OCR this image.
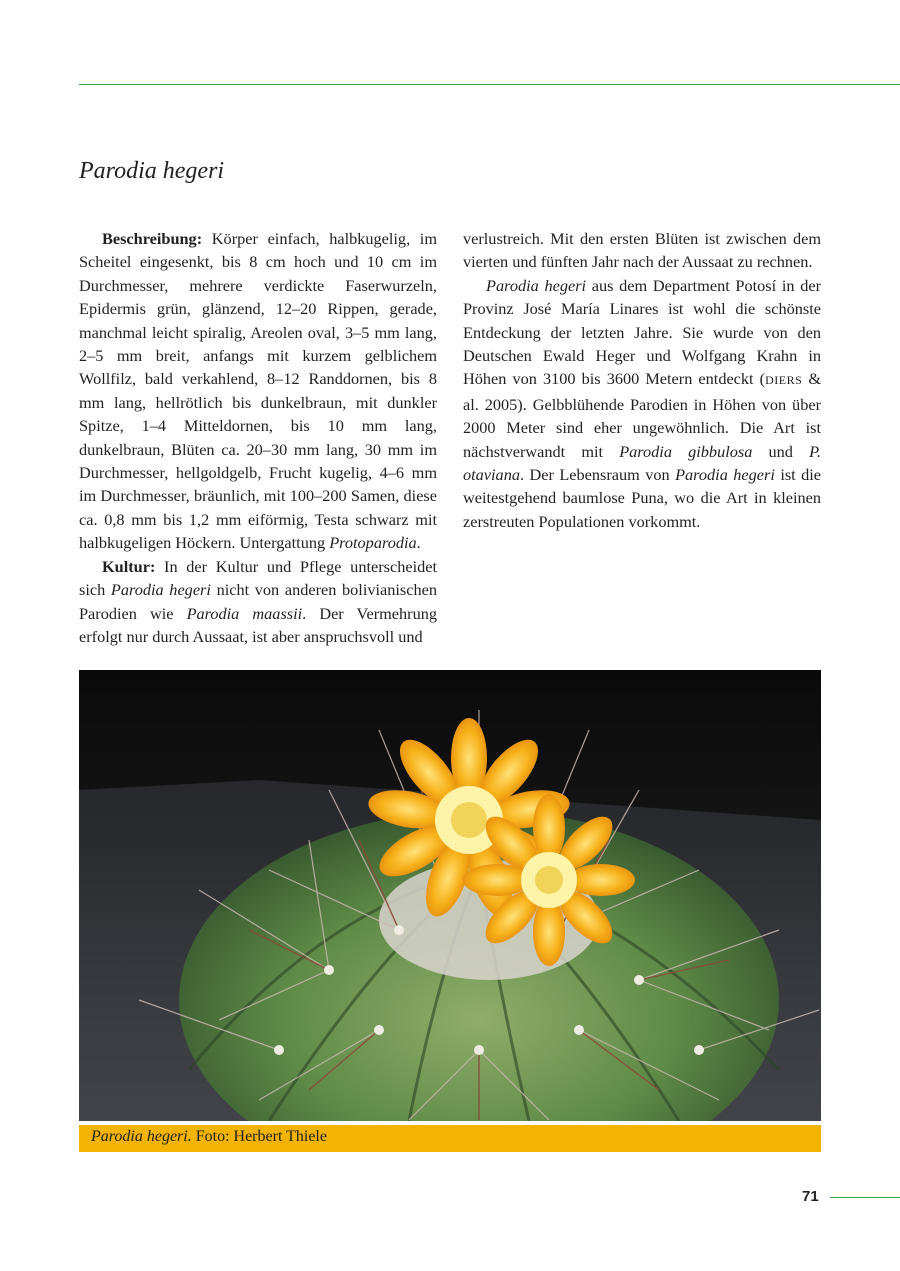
Parodia hegeri

Beschreibung: Körper einfach, halbkugelig, im Scheitel eingesenkt, bis 8 cm hoch und 10 cm im Durchmesser, mehrere verdickte Faserwurzeln, Epidermis grün, glänzend, 12–20 Rippen, gerade, manchmal leicht spiralig, Areolen oval, 3–5 mm lang, 2–5 mm breit, anfangs mit kurzem gelblichem Wollfilz, bald verkahlend, 8–12 Randdornen, bis 8 mm lang, hellrötlich bis dunkelbraun, mit dunkler Spitze, 1–4 Mitteldornen, bis 10 mm lang, dunkelbraun, Blüten ca. 20–30 mm lang, 30 mm im Durchmesser, hellgoldgelb, Frucht kugelig, 4–6 mm im Durchmesser, bräunlich, mit 100–200 Samen, diese ca. 0,8 mm bis 1,2 mm eiförmig, Testa schwarz mit halbkugeligen Höckern. Untergattung Protoparodia.

Kultur: In der Kultur und Pflege unterscheidet sich Parodia hegeri nicht von anderen bolivianischen Parodien wie Parodia maassii. Der Vermehrung erfolgt nur durch Aussaat, ist aber anspruchsvoll und

verlustreich. Mit den ersten Blüten ist zwischen dem vierten und fünften Jahr nach der Aussaat zu rechnen.

Parodia hegeri aus dem Department Potosí in der Provinz José María Linares ist wohl die schönste Entdeckung der letzten Jahre. Sie wurde von den Deutschen Ewald Heger und Wolfgang Krahn in Höhen von 3100 bis 3600 Metern entdeckt (DIERS & al. 2005). Gelbblühende Parodien in Höhen von über 2000 Meter sind eher ungewöhnlich. Die Art ist nächstverwandt mit Parodia gibbulosa und P. otaviana. Der Lebensraum von Parodia hegeri ist die weitestgehend baumlose Puna, wo die Art in kleinen zerstreuten Populationen vorkommt.

Parodia hegeri. Foto: Herbert Thiele
71
